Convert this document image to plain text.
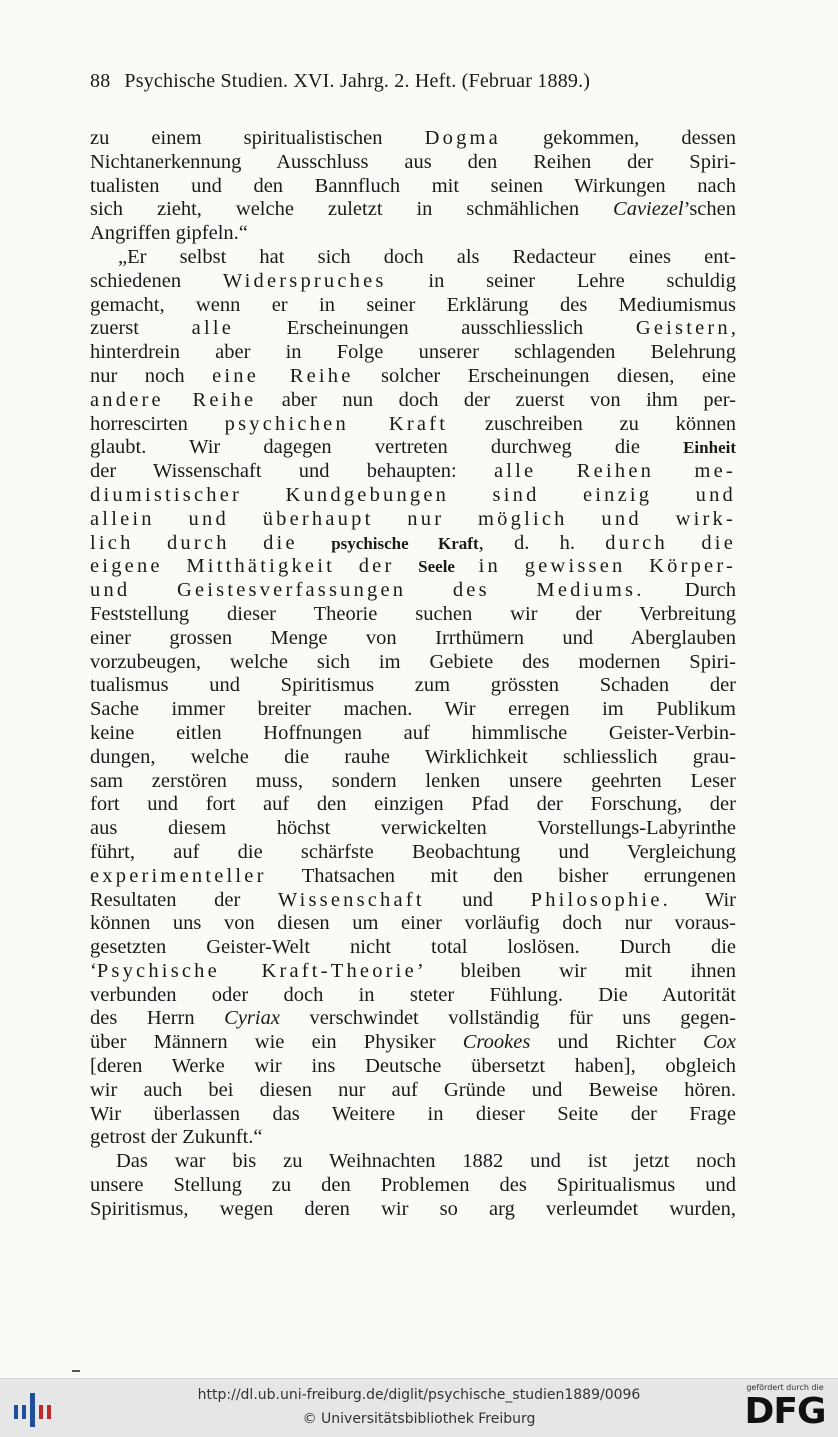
88 Psychische Studien. XVI. Jahrg. 2. Heft. (Februar 1889.)
zu einem spiritualistischen Dogma gekommen, dessen
Nichtanerkennung Ausschluss aus den Reihen der Spiri-
tualisten und den Bannfluch mit seinen Wirkungen nach
sich zieht, welche zuletzt in schmählichen Caviezel’schen
Angriffen gipfeln.“
„Er selbst hat sich doch als Redacteur eines ent-
schiedenen Widerspruches in seiner Lehre schuldig
gemacht, wenn er in seiner Erklärung des Mediumismus
zuerst alle Erscheinungen ausschliesslich Geistern,
hinterdrein aber in Folge unserer schlagenden Belehrung
nur noch eine Reihe solcher Erscheinungen diesen, eine
andere Reihe aber nun doch der zuerst von ihm per-
horrescirten psychichen Kraft zuschreiben zu können
glaubt. Wir dagegen vertreten durchweg die Einheit
der Wissenschaft und behaupten: alle Reihen me-
diumistischer Kundgebungen sind einzig und
allein und überhaupt nur möglich und wirk-
lich durch die psychische Kraft, d. h. durch die
eigene Mitthätigkeit der Seele in gewissen Körper-
und Geistesverfassungen des Mediums. Durch
Feststellung dieser Theorie suchen wir der Verbreitung
einer grossen Menge von Irrthümern und Aberglauben
vorzubeugen, welche sich im Gebiete des modernen Spiri-
tualismus und Spiritismus zum grössten Schaden der
Sache immer breiter machen. Wir erregen im Publikum
keine eitlen Hoffnungen auf himmlische Geister-Verbin-
dungen, welche die rauhe Wirklichkeit schliesslich grau-
sam zerstören muss, sondern lenken unsere geehrten Leser
fort und fort auf den einzigen Pfad der Forschung, der
aus diesem höchst verwickelten Vorstellungs-Labyrinthe
führt, auf die schärfste Beobachtung und Vergleichung
experimenteller Thatsachen mit den bisher errungenen
Resultaten der Wissenschaft und Philosophie. Wir
können uns von diesen um einer vorläufig doch nur voraus-
gesetzten Geister-Welt nicht total loslösen. Durch die
‘Psychische Kraft-Theorie’ bleiben wir mit ihnen
verbunden oder doch in steter Fühlung. Die Autorität
des Herrn Cyriax verschwindet vollständig für uns gegen-
über Männern wie ein Physiker Crookes und Richter Cox
[deren Werke wir ins Deutsche übersetzt haben], obgleich
wir auch bei diesen nur auf Gründe und Beweise hören.
Wir überlassen das Weitere in dieser Seite der Frage
getrost der Zukunft.“
Das war bis zu Weihnachten 1882 und ist jetzt noch
unsere Stellung zu den Problemen des Spiritualismus und
Spiritismus, wegen deren wir so arg verleumdet wurden,
http://dl.ub.uni-freiburg.de/diglit/psychische_studien1889/0096
© Universitätsbibliothek Freiburg
gefördert durch die
DFG
